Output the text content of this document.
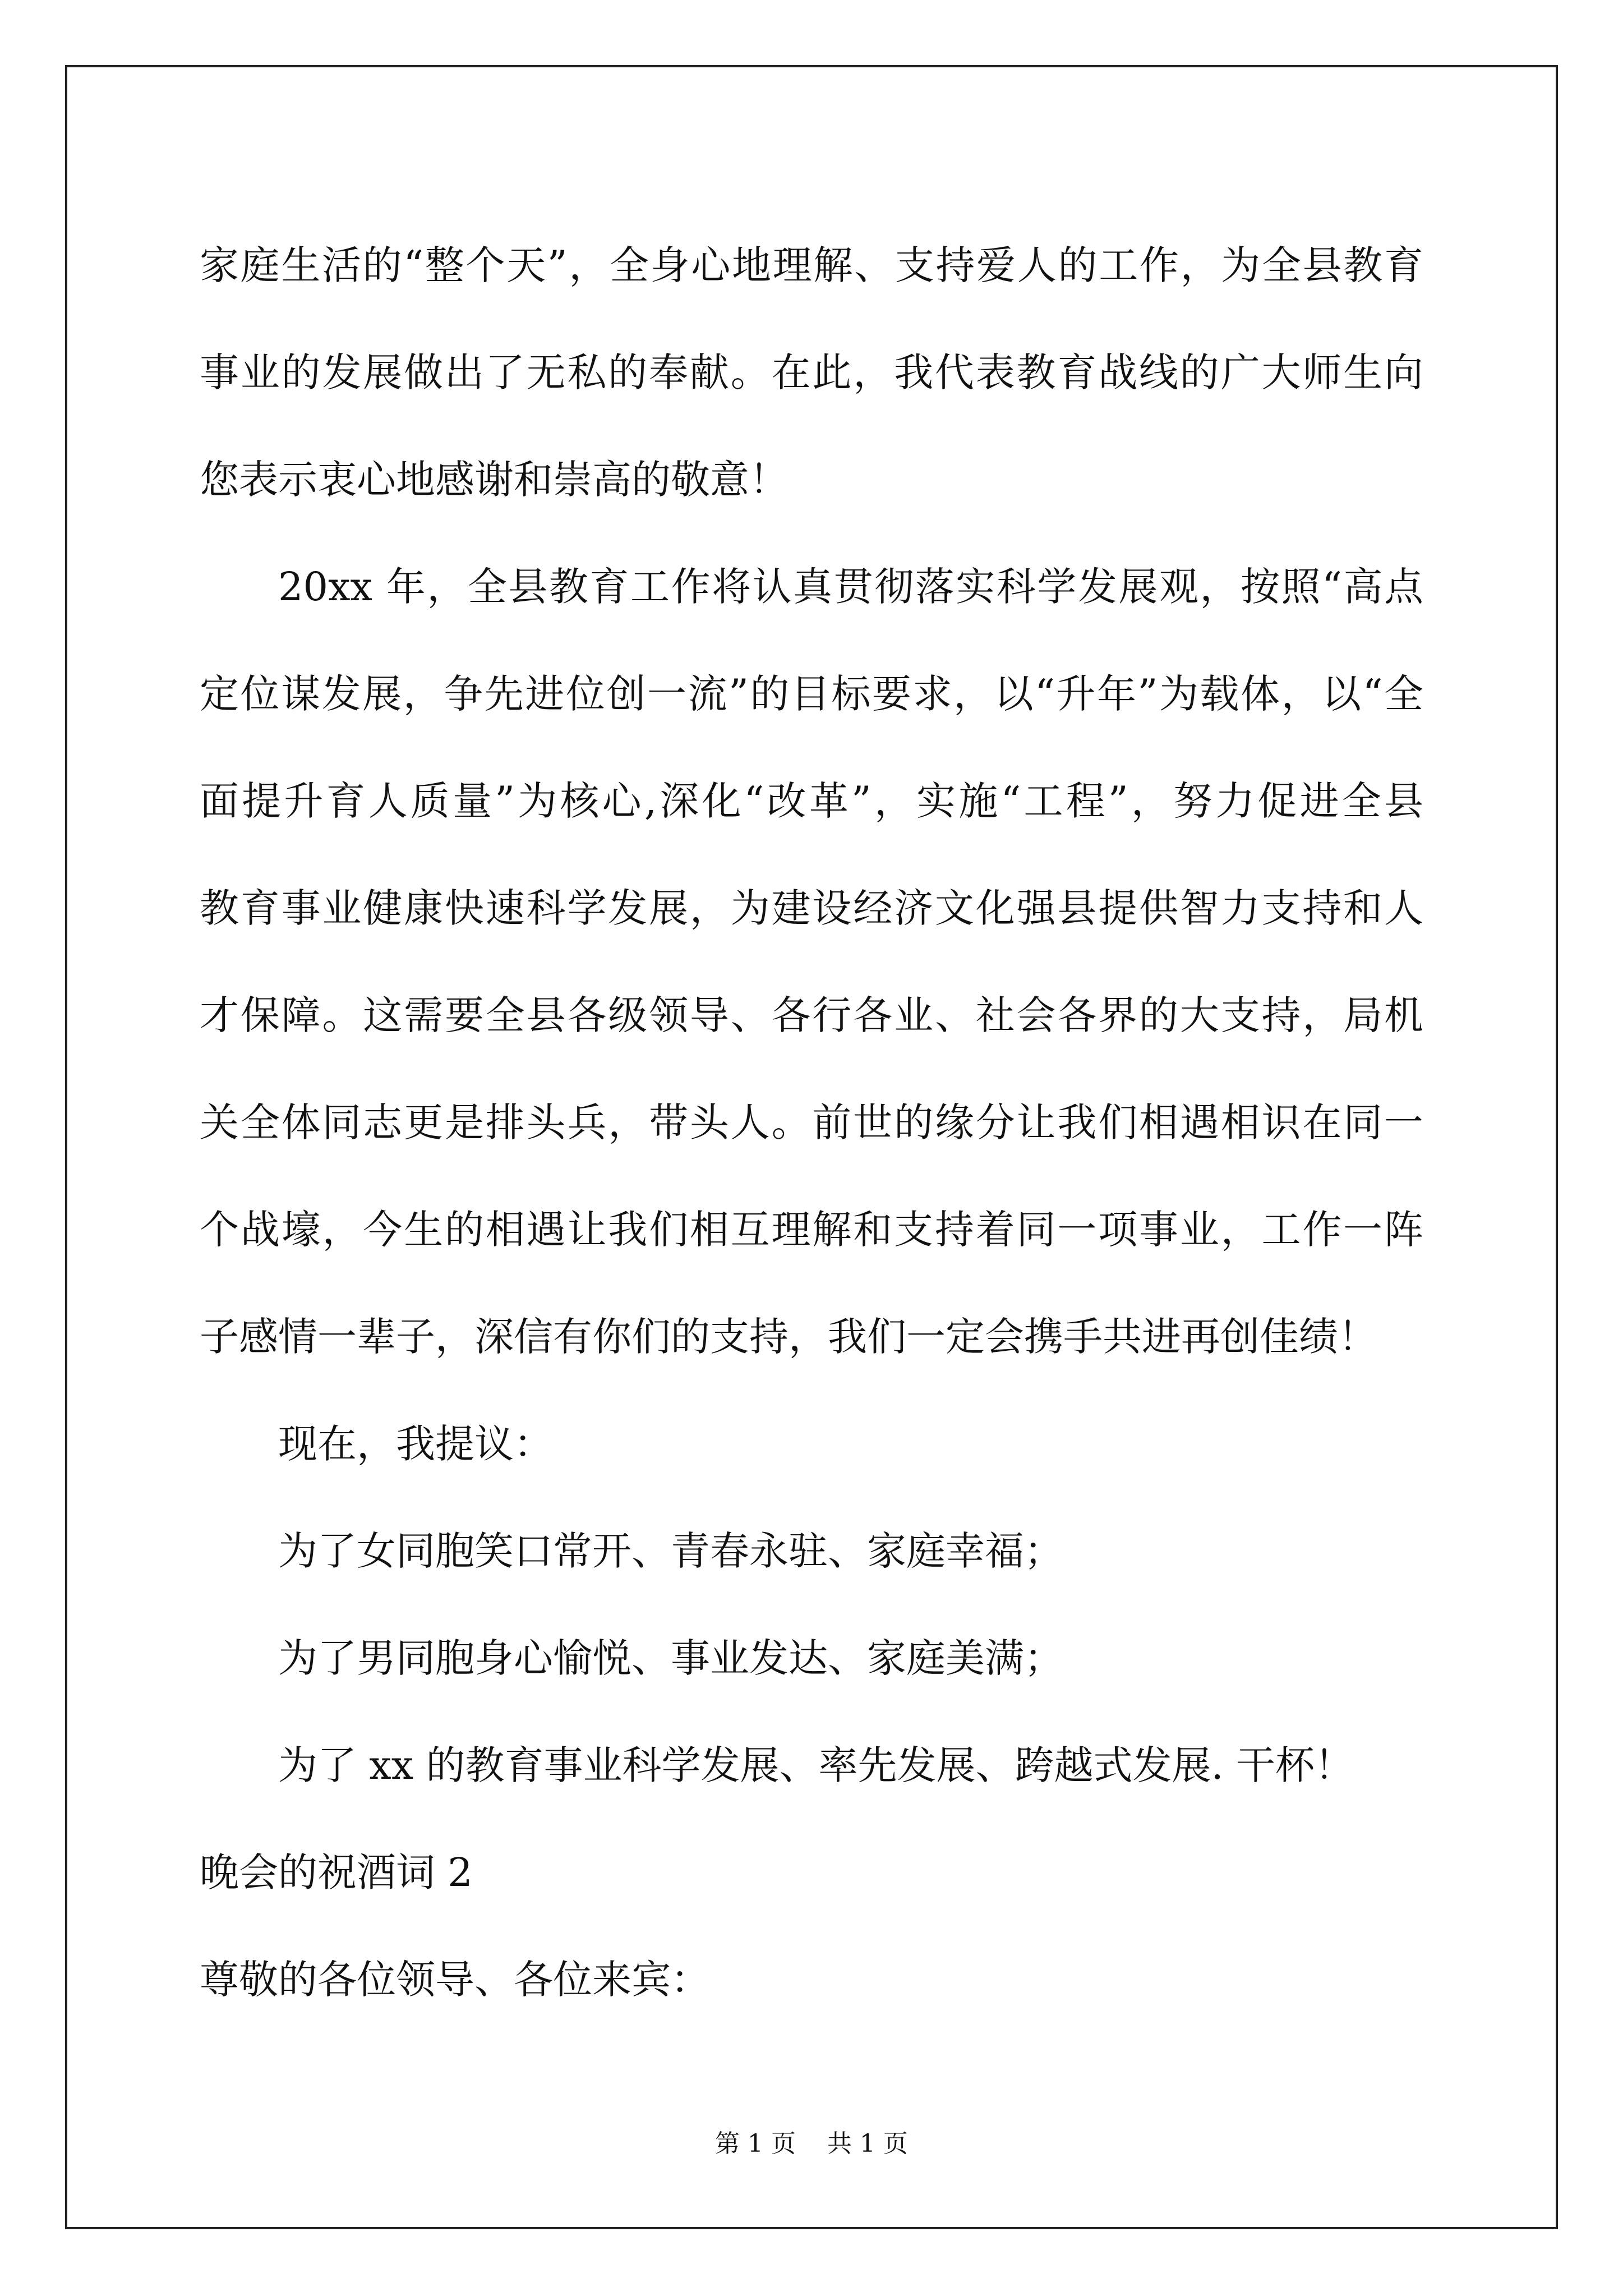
家庭生活的“整个天”，全身心地理解、支持爱人的工作，为全县教育
事业的发展做出了无私的奉献。在此，我代表教育战线的广大师生向
您表示衷心地感谢和崇高的敬意！
20xx 年，全县教育工作将认真贯彻落实科学发展观，按照“高点
定位谋发展，争先进位创一流”的目标要求，以“升年”为载体，以“全
面提升育人质量”为核心,深化“改革”，实施“工程”，努力促进全县
教育事业健康快速科学发展，为建设经济文化强县提供智力支持和人
才保障。这需要全县各级领导、各行各业、社会各界的大支持，局机
关全体同志更是排头兵，带头人。前世的缘分让我们相遇相识在同一
个战壕，今生的相遇让我们相互理解和支持着同一项事业，工作一阵
子感情一辈子，深信有你们的支持，我们一定会携手共进再创佳绩！
现在，我提议：
为了女同胞笑口常开、青春永驻、家庭幸福；
为了男同胞身心愉悦、事业发达、家庭美满；
为了 xx 的教育事业科学发展、率先发展、跨越式发展. 干杯！
晚会的祝酒词 2
尊敬的各位领导、各位来宾：
第 1 页    共 1 页
